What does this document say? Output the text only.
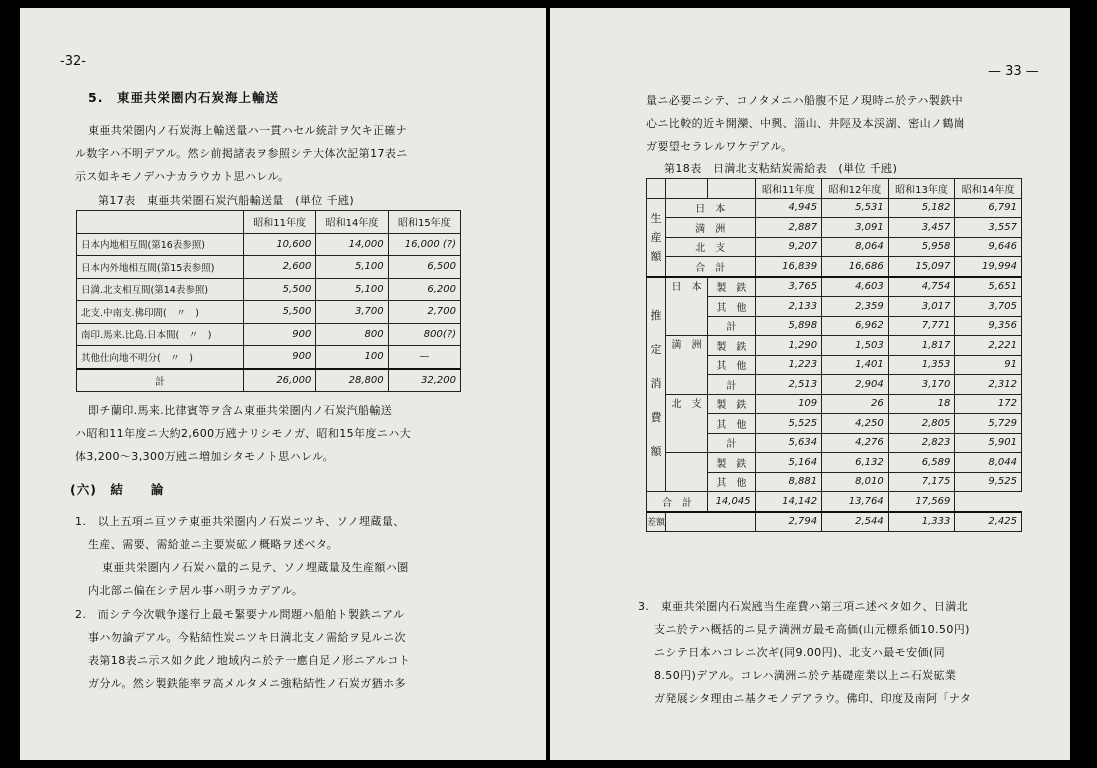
-32-
5.　東亜共栄圏内石炭海上輸送
東亜共栄圏内ノ石炭海上輸送量ハ一貫ハセル統計ヲ欠キ正確ナ
ル数字ハ不明デアル。然シ前掲諸表ヲ参照シテ大体次記第17表ニ
示ス如キモノデハナカラウカト思ハレル。
第17表　東亜共栄圏石炭汽船輸送量　(単位 千瓲)
	昭和11年度	昭和14年度	昭和15年度
日本内地相互間(第16表参照)	10,600	14,000	16,000 (?)
日本内外地相互間(第15表参照)	2,600	5,100	6,500
日満.北支相互間(第14表参照)	5,500	5,100	6,200
北支.中南支.佛印間(　〃　)	5,500	3,700	2,700
南印.馬来.比島.日本間(　〃　)	900	800	800(?)
其他仕向地不明分(　〃　)	900	100	—
計	26,000	28,800	32,200
即チ蘭印.馬来.比律賓等ヲ含ム東亜共栄圏内ノ石炭汽船輸送
ハ昭和11年度ニ大約2,600万瓲ナリシモノガ、昭和15年度ニハ大
体3,200～3,300万瓲ニ増加シタモノト思ハレル。
(六)　結　　論
1.　以上五項ニ亘ツテ東亜共栄圏内ノ石炭ニツキ、ソノ埋蔵量、
生産、需要、需給並ニ主要炭砿ノ概略ヲ述ベタ。
東亜共栄圏内ノ石炭ハ量的ニ見テ、ソノ埋蔵量及生産額ハ圏
内北部ニ偏在シテ居ル事ハ明ラカデアル。
2.　而シテ今次戦争遂行上最モ緊要ナル問題ハ船舶ト製鉄ニアル
事ハ勿論デアル。今粘結性炭ニツキ日満北支ノ需給ヲ見ルニ次
表第18表ニ示ス如ク此ノ地域内ニ於テ一應自足ノ形ニアルコト
ガ分ル。然シ製鉄能率ヲ高メルタメニ強粘結性ノ石炭ガ猶ホ多
— 33 —
量ニ必要ニシテ、コノタメニハ船腹不足ノ現時ニ於テハ製鉄中
心ニ比較的近キ開灤、中興、淄山、井陘及本渓湖、密山ノ鶴崗
ガ要望セラレルワケデアル。
第18表　日満北支粘結炭需給表　(単位 千瓲)
			昭和11年度	昭和12年度	昭和13年度	昭和14年度
生産額	日　本		4,945	5,531	5,182	6,791
	満　洲		2,887	3,091	3,457	3,557
	北　支		9,207	8,064	5,958	9,646
	合　計		16,839	16,686	15,097	19,994
推定消費額	日　本	製　鉄	3,765	4,603	4,754	5,651
		其　他	2,133	2,359	3,017	3,705
		計	5,898	6,962	7,771	9,356
	満　洲	製　鉄	1,290	1,503	1,817	2,221
		其　他	1,223	1,401	1,353	91
		計	2,513	2,904	3,170	2,312
	北　支	製　鉄	109	26	18	172
		其　他	5,525	4,250	2,805	5,729
		計	5,634	4,276	2,823	5,901
		製　鉄	5,164	6,132	6,589	8,044
		其　他	8,881	8,010	7,175	9,525
合　計		14,045	14,142	13,764	17,569	
差額			2,794	2,544	1,333	2,425
3.　東亜共栄圏内石炭瓲当生産費ハ第三項ニ述ベタ如ク、日満北
支ニ於テハ概括的ニ見テ満洲ガ最モ高価(山元標系価10.50円)
ニシテ日本ハコレニ次ギ(同9.00円)、北支ハ最モ安価(同
8.50円)デアル。コレハ満洲ニ於テ基礎産業以上ニ石炭砿業
ガ発展シタ理由ニ基クモノデアラウ。佛印、印度及南阿「ナタ
